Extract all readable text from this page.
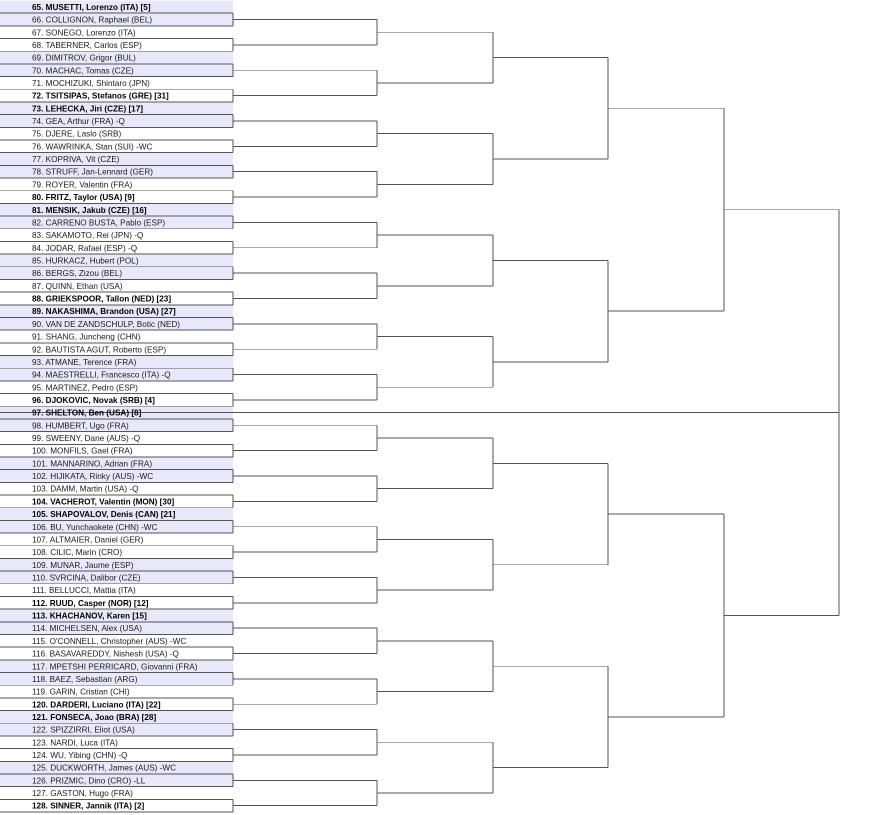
65. MUSETTI, Lorenzo (ITA) [5]
66. COLLIGNON, Raphael (BEL)
67. SONEGO, Lorenzo (ITA)
68. TABERNER, Carlos (ESP)
69. DIMITROV, Grigor (BUL)
70. MACHAC, Tomas (CZE)
71. MOCHIZUKI, Shintaro (JPN)
72. TSITSIPAS, Stefanos (GRE) [31]
73. LEHECKA, Jiri (CZE) [17]
74. GEA, Arthur (FRA) -Q
75. DJERE, Laslo (SRB)
76. WAWRINKA, Stan (SUI) -WC
77. KOPRIVA, Vit (CZE)
78. STRUFF, Jan-Lennard (GER)
79. ROYER, Valentin (FRA)
80. FRITZ, Taylor (USA) [9]
81. MENSIK, Jakub (CZE) [16]
82. CARRENO BUSTA, Pablo (ESP)
83. SAKAMOTO, Rei (JPN) -Q
84. JODAR, Rafael (ESP) -Q
85. HURKACZ, Hubert (POL)
86. BERGS, Zizou (BEL)
87. QUINN, Ethan (USA)
88. GRIEKSPOOR, Tallon (NED) [23]
89. NAKASHIMA, Brandon (USA) [27]
90. VAN DE ZANDSCHULP, Botic (NED)
91. SHANG, Juncheng (CHN)
92. BAUTISTA AGUT, Roberto (ESP)
93. ATMANE, Terence (FRA)
94. MAESTRELLI, Francesco (ITA) -Q
95. MARTINEZ, Pedro (ESP)
96. DJOKOVIC, Novak (SRB) [4]
97. SHELTON, Ben (USA) [8]
98. HUMBERT, Ugo (FRA)
99. SWEENY, Dane (AUS) -Q
100. MONFILS, Gael (FRA)
101. MANNARINO, Adrian (FRA)
102. HIJIKATA, Rinky (AUS) -WC
103. DAMM, Martin (USA) -Q
104. VACHEROT, Valentin (MON) [30]
105. SHAPOVALOV, Denis (CAN) [21]
106. BU, Yunchaokete (CHN) -WC
107. ALTMAIER, Daniel (GER)
108. CILIC, Marin (CRO)
109. MUNAR, Jaume (ESP)
110. SVRCINA, Dalibor (CZE)
111. BELLUCCI, Mattia (ITA)
112. RUUD, Casper (NOR) [12]
113. KHACHANOV, Karen [15]
114. MICHELSEN, Alex (USA)
115. O'CONNELL, Christopher (AUS) -WC
116. BASAVAREDDY, Nishesh (USA) -Q
117. MPETSHI PERRICARD, Giovanni (FRA)
118. BAEZ, Sebastian (ARG)
119. GARIN, Cristian (CHI)
120. DARDERI, Luciano (ITA) [22]
121. FONSECA, Joao (BRA) [28]
122. SPIZZIRRI, Eliot (USA)
123. NARDI, Luca (ITA)
124. WU, Yibing (CHN) -Q
125. DUCKWORTH, James (AUS) -WC
126. PRIZMIC, Dino (CRO) -LL
127. GASTON, Hugo (FRA)
128. SINNER, Jannik (ITA) [2]
